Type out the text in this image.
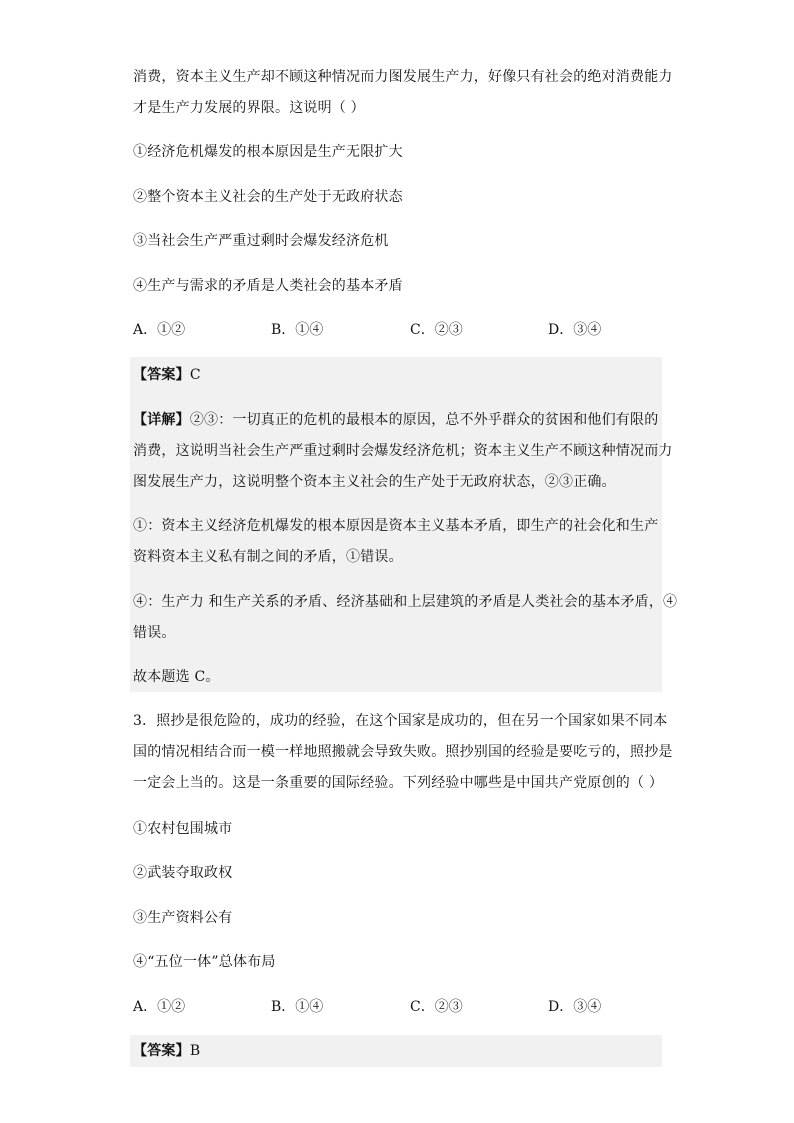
消费，资本主义生产却不顾这种情况而力图发展生产力，好像只有社会的绝对消费能力
才是生产力发展的界限。这说明（ ）
①经济危机爆发的根本原因是生产无限扩大
②整个资本主义社会的生产处于无政府状态
③当社会生产严重过剩时会爆发经济危机
④生产与需求的矛盾是人类社会的基本矛盾
A．①②	B．①④	C．②③	D．③④
【答案】C
【详解】②③：一切真正的危机的最根本的原因，总不外乎群众的贫困和他们有限的
消费，这说明当社会生产严重过剩时会爆发经济危机；资本主义生产不顾这种情况而力
图发展生产力，这说明整个资本主义社会的生产处于无政府状态，②③正确。
①：资本主义经济危机爆发的根本原因是资本主义基本矛盾，即生产的社会化和生产
资料资本主义私有制之间的矛盾，①错误。
④：生产力 和生产关系的矛盾、经济基础和上层建筑的矛盾是人类社会的基本矛盾，④
错误。
故本题选 C。
3．照抄是很危险的，成功的经验，在这个国家是成功的，但在另一个国家如果不同本
国的情况相结合而一模一样地照搬就会导致失败。照抄别国的经验是要吃亏的，照抄是
一定会上当的。这是一条重要的国际经验。下列经验中哪些是中国共产党原创的（ ）
①农村包围城市
②武装夺取政权
③生产资料公有
④“五位一体”总体布局
A．①②	B．①④	C．②③	D．③④
【答案】B
